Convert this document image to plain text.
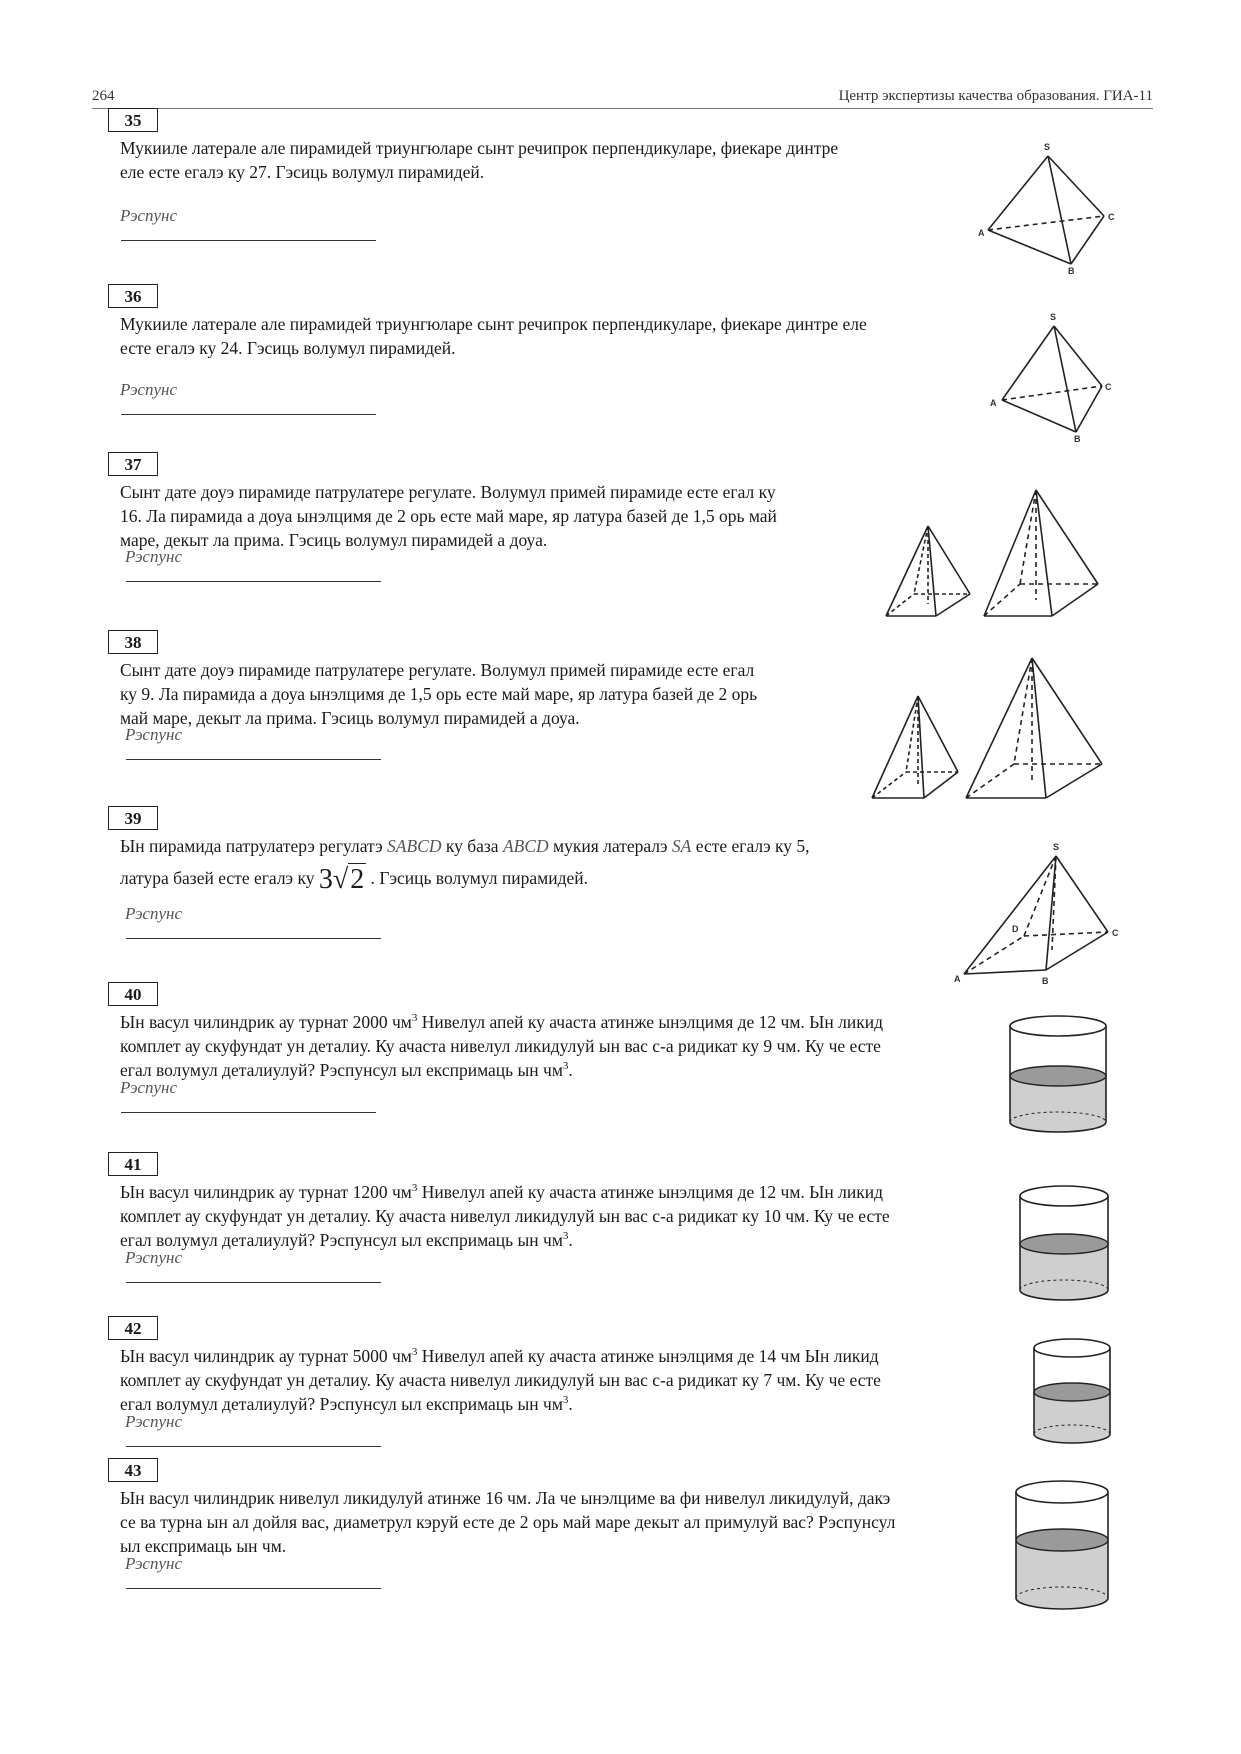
264	Центр экспертизы качества образования. ГИА-11
35
Мукииле латерале але пирамидей триунгюларе сынт речипрок перпендикуларе, фиекаре динтре
еле есте егалэ ку 27. Гэсиць волумул пирамидей.
Рэспунс
S
A
B
C
36
Мукииле латерале але пирамидей триунгюларе сынт речипрок перпендикуларе, фиекаре динтре еле
есте егалэ ку 24. Гэсиць волумул пирамидей.
Рэспунс
S
A
B
C
37
Сынт дате доуэ пирамиде патрулатере регулате. Волумул примей пирамиде есте егал ку
16. Ла пирамида а доуа ынэлцимя де 2 орь есте май маре, яр латура базей де 1,5 орь май
маре, декыт ла прима. Гэсиць волумул пирамидей а доуа.
Рэспунс
38
Сынт дате доуэ пирамиде патрулатере регулате. Волумул примей пирамиде есте егал
ку 9. Ла пирамида а доуа ынэлцимя де 1,5 орь есте май маре, яр латура базей де 2 орь
май маре, декыт ла прима. Гэсиць волумул пирамидей а доуа.
Рэспунс
39
Ын пирамида патрулатерэ регулатэ SABCD ку база ABCD мукия латералэ SA есте егалэ ку 5,
латура базей есте егалэ ку 3√2 . Гэсиць волумул пирамидей.
Рэспунс
S
A	B
C
D
40
Ын васул чилиндрик ау турнат 2000 $чм^3$ Нивелул апей ку ачаста атинже ынэлцимя де 12 чм. Ын ликид
комплет ау скуфундат ун деталиу. Ку ачаста нивелул ликидулуй ын вас с-а ридикат ку 9 чм. Ку че есте
егал волумул деталиулуй? Рэспунсул ыл експримаць ын $чм^3$.
Рэспунс
41
Ын васул чилиндрик ау турнат 1200 $чм^3$ Нивелул апей ку ачаста атинже ынэлцимя де 12 чм. Ын ликид
комплет ау скуфундат ун деталиу. Ку ачаста нивелул ликидулуй ын вас с-а ридикат ку 10 чм. Ку че есте
егал волумул деталиулуй? Рэспунсул ыл експримаць ын $чм^3$.
Рэспунс
42
Ын васул чилиндрик ау турнат 5000 $чм^3$ Нивелул апей ку ачаста атинже ынэлцимя де 14 чм Ын ликид
комплет ау скуфундат ун деталиу. Ку ачаста нивелул ликидулуй ын вас с-а ридикат ку 7 чм. Ку че есте
егал волумул деталиулуй? Рэспунсул ыл експримаць ын $чм^3$.
Рэспунс
43
Ын васул чилиндрик нивелул ликидулуй атинже 16 чм. Ла че ынэлциме ва фи нивелул ликидулуй, дакэ
се ва турна ын ал дойля вас, диаметрул кэруй есте де 2 орь май маре декыт ал примулуй вас? Рэспунсул
ыл експримаць ын чм.
Рэспунс
